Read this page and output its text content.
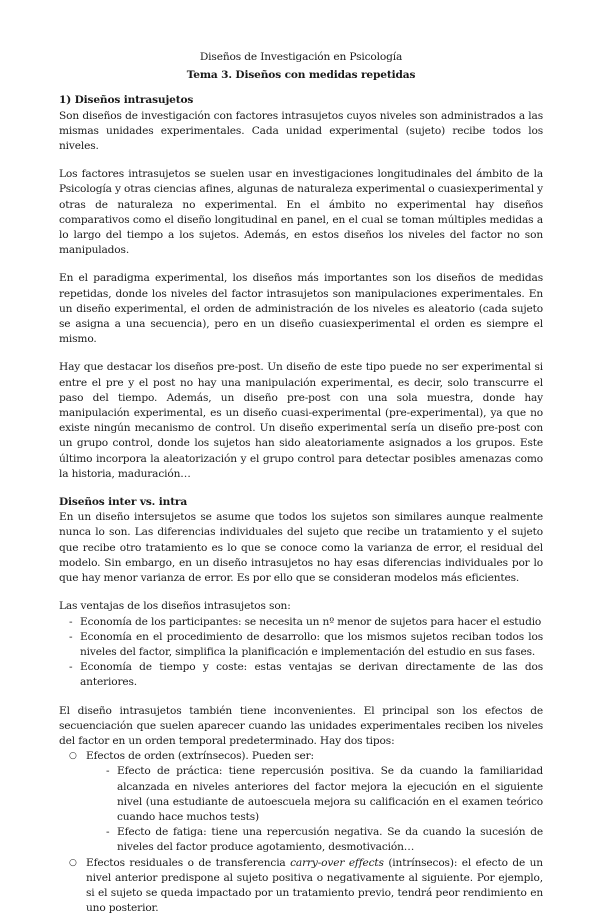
Diseños de Investigación en Psicología
Tema 3. Diseños con medidas repetidas
1) Diseños intrasujetos

Son diseños de investigación con factores intrasujetos cuyos niveles son administrados a las mismas unidades experimentales. Cada unidad experimental (sujeto) recibe todos los niveles.

Los factores intrasujetos se suelen usar en investigaciones longitudinales del ámbito de la Psicología y otras ciencias afines, algunas de naturaleza experimental o cuasiexperimental y otras de naturaleza no experimental. En el ámbito no experimental hay diseños comparativos como el diseño longitudinal en panel, en el cual se toman múltiples medidas a lo largo del tiempo a los sujetos. Además, en estos diseños los niveles del factor no son manipulados.

En el paradigma experimental, los diseños más importantes son los diseños de medidas repetidas, donde los niveles del factor intrasujetos son manipulaciones experimentales. En un diseño experimental, el orden de administración de los niveles es aleatorio (cada sujeto se asigna a una secuencia), pero en un diseño cuasiexperimental el orden es siempre el mismo.

Hay que destacar los diseños pre-post. Un diseño de este tipo puede no ser experimental si entre el pre y el post no hay una manipulación experimental, es decir, solo transcurre el paso del tiempo. Además, un diseño pre-post con una sola muestra, donde hay manipulación experimental, es un diseño cuasi-experimental (pre-experimental), ya que no existe ningún mecanismo de control. Un diseño experimental sería un diseño pre-post con un grupo control, donde los sujetos han sido aleatoriamente asignados a los grupos. Este último incorpora la aleatorización y el grupo control para detectar posibles amenazas como la historia, maduración…

Diseños inter vs. intra

En un diseño intersujetos se asume que todos los sujetos son similares aunque realmente nunca lo son. Las diferencias individuales del sujeto que recibe un tratamiento y el sujeto que recibe otro tratamiento es lo que se conoce como la varianza de error, el residual del modelo. Sin embargo, en un diseño intrasujetos no hay esas diferencias individuales por lo que hay menor varianza de error. Es por ello que se consideran modelos más eficientes.

Las ventajas de los diseños intrasujetos son:

- Economía de los participantes: se necesita un nº menor de sujetos para hacer el estudio
- Economía en el procedimiento de desarrollo: que los mismos sujetos reciban todos los niveles del factor, simplifica la planificación e implementación del estudio en sus fases.
- Economía de tiempo y coste: estas ventajas se derivan directamente de las dos anteriores.

El diseño intrasujetos también tiene inconvenientes. El principal son los efectos de secuenciación que suelen aparecer cuando las unidades experimentales reciben los niveles del factor en un orden temporal predeterminado. Hay dos tipos:

○ Efectos de orden (extrínsecos). Pueden ser:
- Efecto de práctica: tiene repercusión positiva. Se da cuando la familiaridad alcanzada en niveles anteriores del factor mejora la ejecución en el siguiente nivel (una estudiante de autoescuela mejora su calificación en el examen teórico cuando hace muchos tests)
- Efecto de fatiga: tiene una repercusión negativa. Se da cuando la sucesión de niveles del factor produce agotamiento, desmotivación…
○ Efectos residuales o de transferencia carry-over effects (intrínsecos): el efecto de un nivel anterior predispone al sujeto positiva o negativamente al siguiente. Por ejemplo, si el sujeto se queda impactado por un tratamiento previo, tendrá peor rendimiento en uno posterior.
